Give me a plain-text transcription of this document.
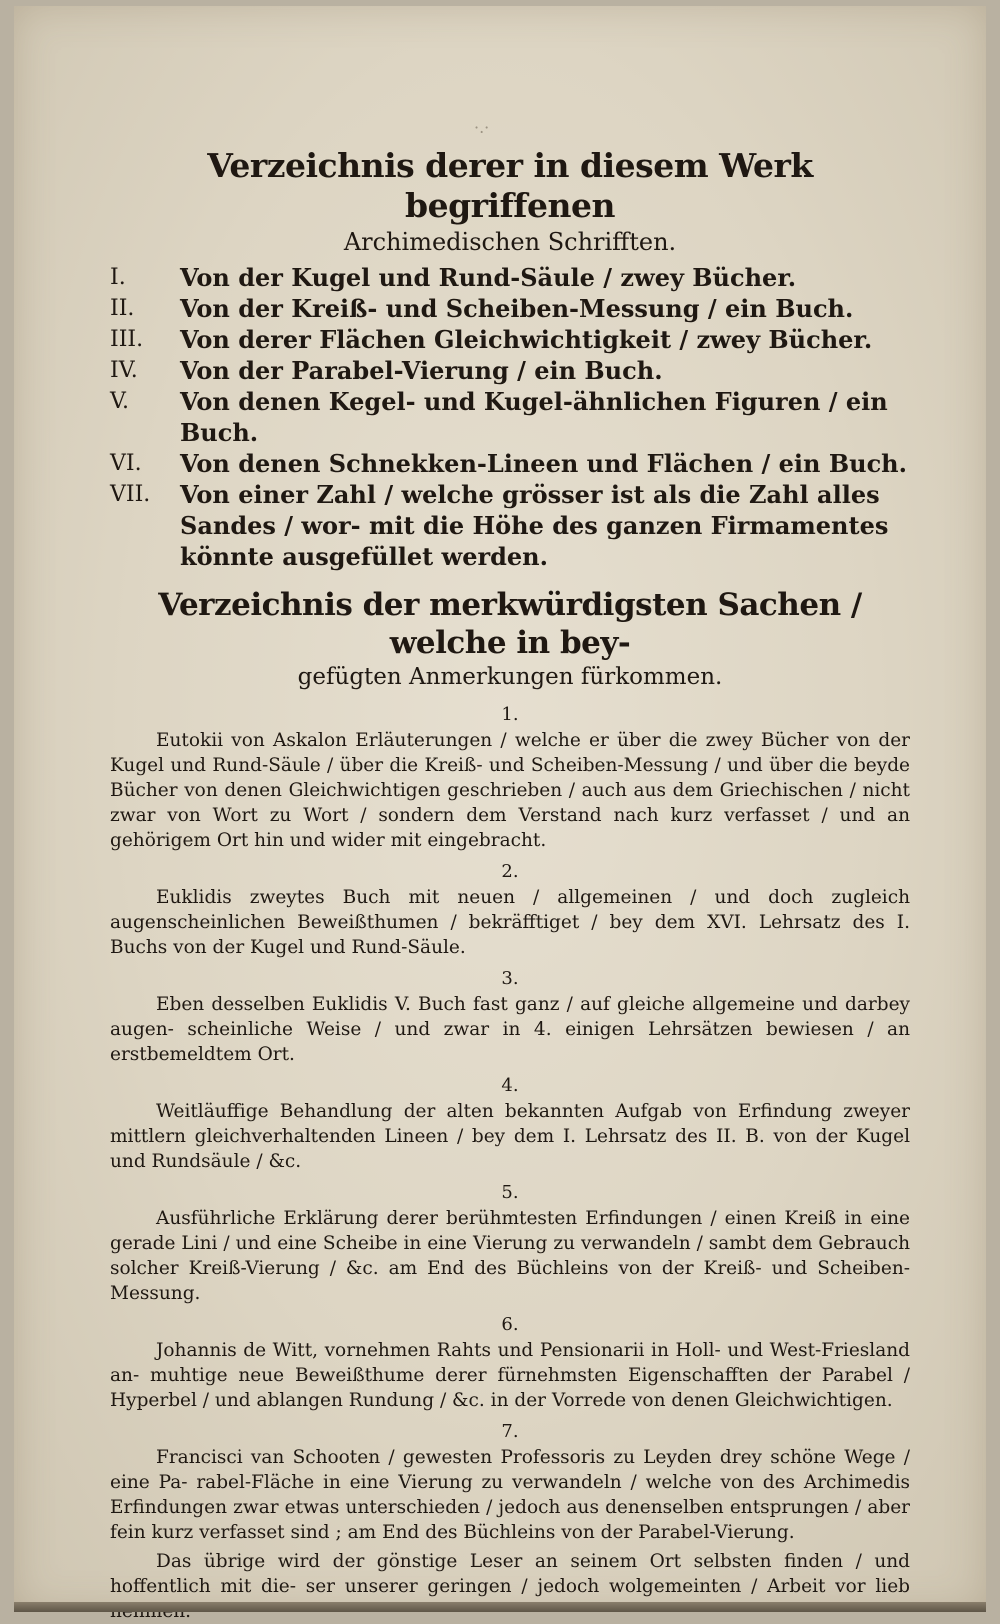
·.·
Verzeichnis derer in diesem Werk begriffenen
Archimedischen Schrifften.
I.	Von der Kugel und Rund-Säule / zwey Bücher.
II.	Von der Kreiß- und Scheiben-Messung / ein Buch.
III.	Von derer Flächen Gleichwichtigkeit / zwey Bücher.
IV.	Von der Parabel-Vierung / ein Buch.
V.	Von denen Kegel- und Kugel-ähnlichen Figuren / ein Buch.
VI.	Von denen Schnekken-Lineen und Flächen / ein Buch.
VII.	Von einer Zahl / welche grösser ist als die Zahl alles Sandes / wor- mit die Höhe des ganzen Firmamentes könnte ausgefüllet werden.
Verzeichnis der merkwürdigsten Sachen / welche in bey-
gefügten Anmerkungen fürkommen.
1.

Eutokii von Askalon Erläuterungen / welche er über die zwey Bücher von der Kugel und Rund-Säule / über die Kreiß- und Scheiben-Messung / und über die beyde Bücher von denen Gleichwichtigen geschrieben / auch aus dem Griechischen / nicht zwar von Wort zu Wort / sondern dem Verstand nach kurz verfasset / und an gehörigem Ort hin und wider mit eingebracht.

2.

Euklidis zweytes Buch mit neuen / allgemeinen / und doch zugleich augenscheinlichen Beweißthumen / bekräfftiget / bey dem XVI. Lehrsatz des I. Buchs von der Kugel und Rund-Säule.

3.

Eben desselben Euklidis V. Buch fast ganz / auf gleiche allgemeine und darbey augen- scheinliche Weise / und zwar in 4. einigen Lehrsätzen bewiesen / an erstbemeldtem Ort.

4.

Weitläuffige Behandlung der alten bekannten Aufgab von Erfindung zweyer mittlern gleichverhaltenden Lineen / bey dem I. Lehrsatz des II. B. von der Kugel und Rundsäule / &c.

5.

Ausführliche Erklärung derer berühmtesten Erfindungen / einen Kreiß in eine gerade Lini / und eine Scheibe in eine Vierung zu verwandeln / sambt dem Gebrauch solcher Kreiß-Vierung / &c. am End des Büchleins von der Kreiß- und Scheiben-Messung.

6.

Johannis de Witt, vornehmen Rahts und Pensionarii in Holl- und West-Friesland an- muhtige neue Beweißthume derer fürnehmsten Eigenschafften der Parabel / Hyperbel / und ablangen Rundung / &c. in der Vorrede von denen Gleichwichtigen.

7.

Francisci van Schooten / gewesten Professoris zu Leyden drey schöne Wege / eine Pa- rabel-Fläche in eine Vierung zu verwandeln / welche von des Archimedis Erfindungen zwar etwas unterschieden / jedoch aus denenselben entsprungen / aber fein kurz verfasset sind ; am End des Büchleins von der Parabel-Vierung.

Das übrige wird der gönstige Leser an seinem Ort selbsten finden / und hoffentlich mit die- ser unserer geringen / jedoch wolgemeinten / Arbeit vor lieb
